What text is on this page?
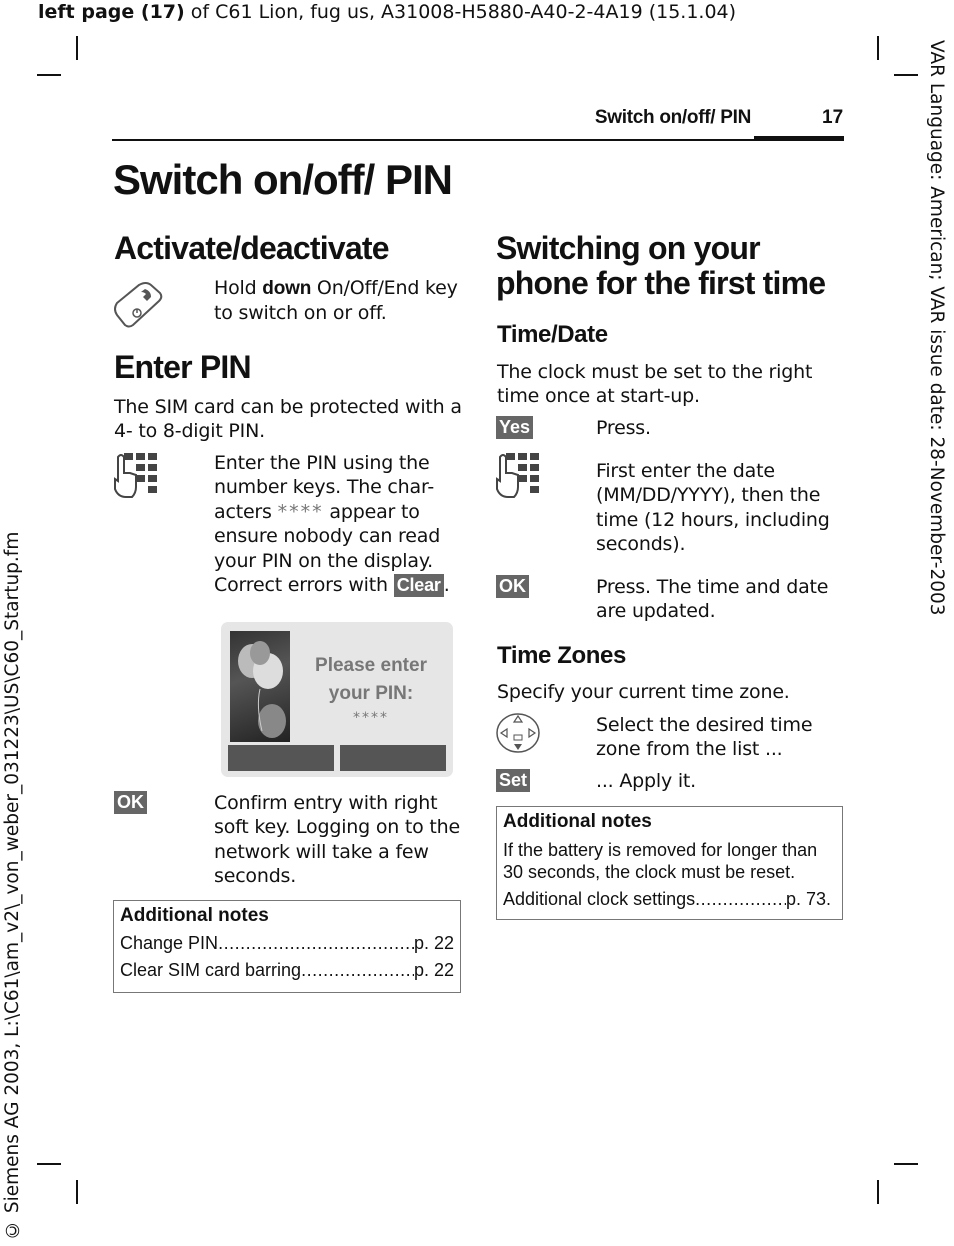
left page (17) of C61 Lion, fug us, A31008-H5880-A40-2-4A19 (15.1.04)
VAR Language: American; VAR issue date: 28-November-2003
© Siemens AG 2003, L:\C61\am_v2\_von_weber_031223\US\C60_Startup.fm
Switch on/off/ PIN	17
Switch on/off/ PIN
Activate/deactivate
Hold down On/Off/End key to switch on or off.
Enter PIN
The SIM card can be protected with a 4- to 8-digit PIN.
Enter the PIN using the number keys. The char-acters **** appear to ensure nobody can read your PIN on the display. Correct errors with Clear .
Please enter your PIN:
****
OK	Confirm entry with right soft key. Logging on to the network will take a few seconds.
Additional notes
Change PIN .....	p. 22
Clear SIM card barring .....	p. 22
Switching on your phone for the first time
Time/Date
The clock must be set to the right time once at start-up.
Yes	Press.
First enter the date (MM/DD/YYYY), then the time (12 hours, including seconds).
OK	Press. The time and date are updated.
Time Zones
Specify your current time zone.
Select the desired time zone from the list ...
Set	... Apply it.
Additional notes
If the battery is removed for longer than 30 seconds, the clock must be reset.
Additional clock settings .....	p. 73.
